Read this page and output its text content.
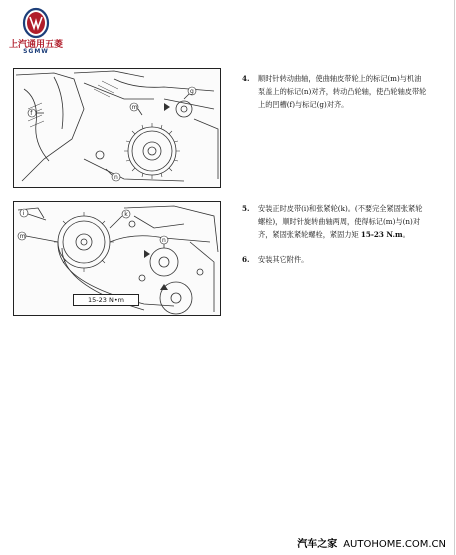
上汽通用五菱
SGMW
f
g
m
n
i
m
k
n
15-23 N•m
4. 顺时针转动曲轴，使曲轴皮带轮上的标记(m)与机油泵盖上的标记(n)对齐，转动凸轮轴，使凸轮轴皮带轮上的凹槽(f)与标记(g)对齐。
5. 安装正时皮带(i)和张紧轮(k)。(不要完全紧固张紧轮螺栓)，顺时针旋转曲轴两周，使得标记(m)与(n)对齐，紧固张紧轮螺栓，紧固力矩 15-23 N.m。
6. 安装其它附件。
汽车之家 AUTOHOME.COM.CN
